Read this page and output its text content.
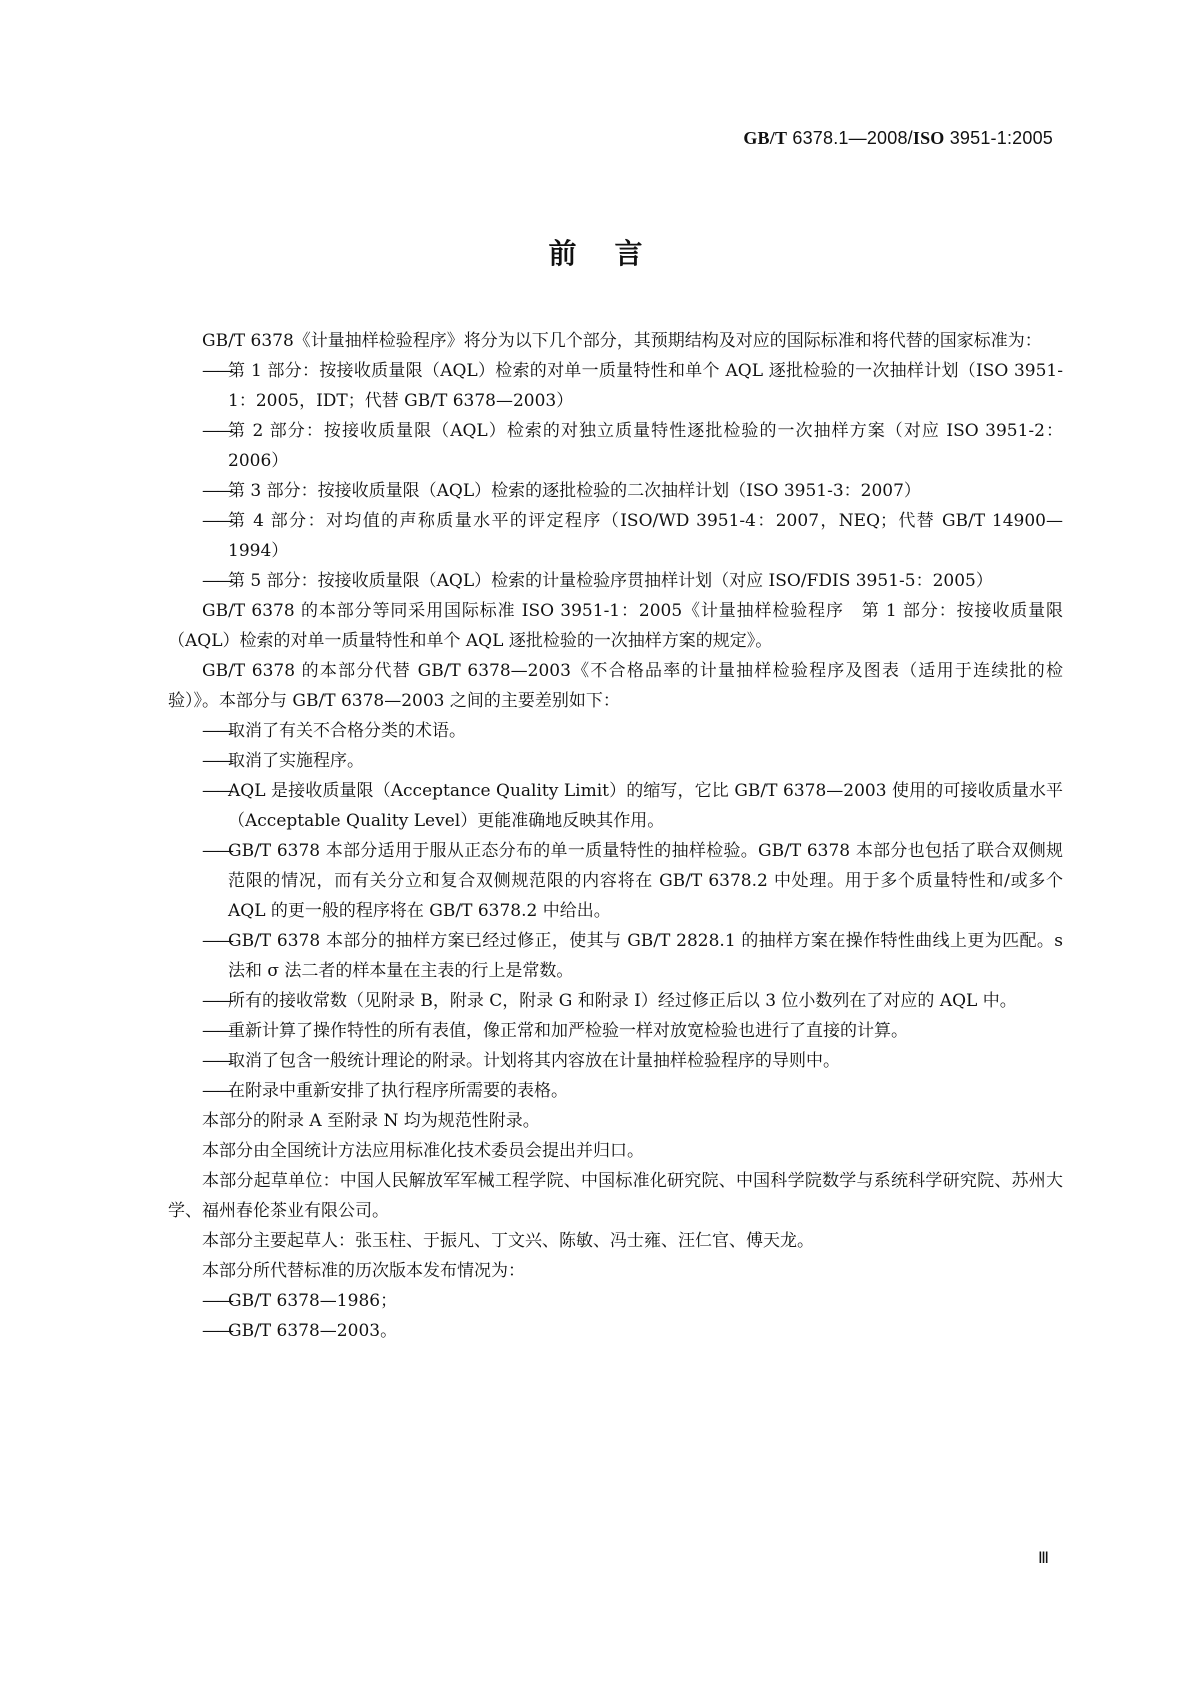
GB/T 6378.1—2008/ISO 3951-1:2005
前言

GB/T 6378《计量抽样检验程序》将分为以下几个部分，其预期结构及对应的国际标准和将代替的国家标准为：

——
第 1 部分：按接收质量限（AQL）检索的对单一质量特性和单个 AQL 逐批检验的一次抽样计划（ISO 3951-1：2005，IDT；代替 GB/T 6378—2003）

——
第 2 部分：按接收质量限（AQL）检索的对独立质量特性逐批检验的一次抽样方案（对应 ISO 3951-2：2006）

——
第 3 部分：按接收质量限（AQL）检索的逐批检验的二次抽样计划（ISO 3951-3：2007）

——
第 4 部分：对均值的声称质量水平的评定程序（ISO/WD 3951-4：2007，NEQ；代替 GB/T 14900—1994）

——
第 5 部分：按接收质量限（AQL）检索的计量检验序贯抽样计划（对应 ISO/FDIS 3951-5：2005）

GB/T 6378 的本部分等同采用国际标准 ISO 3951-1：2005《计量抽样检验程序　第 1 部分：按接收质量限（AQL）检索的对单一质量特性和单个 AQL 逐批检验的一次抽样方案的规定》。

GB/T 6378 的本部分代替 GB/T 6378—2003《不合格品率的计量抽样检验程序及图表（适用于连续批的检验）》。本部分与 GB/T 6378—2003 之间的主要差别如下：

——
取消了有关不合格分类的术语。

——
取消了实施程序。

——
AQL 是接收质量限（Acceptance Quality Limit）的缩写，它比 GB/T 6378—2003 使用的可接收质量水平（Acceptable Quality Level）更能准确地反映其作用。

——
GB/T 6378 本部分适用于服从正态分布的单一质量特性的抽样检验。GB/T 6378 本部分也包括了联合双侧规范限的情况，而有关分立和复合双侧规范限的内容将在 GB/T 6378.2 中处理。用于多个质量特性和/或多个 AQL 的更一般的程序将在 GB/T 6378.2 中给出。

——
GB/T 6378 本部分的抽样方案已经过修正，使其与 GB/T 2828.1 的抽样方案在操作特性曲线上更为匹配。s 法和 σ 法二者的样本量在主表的行上是常数。

——
所有的接收常数（见附录 B，附录 C，附录 G 和附录 I）经过修正后以 3 位小数列在了对应的 AQL 中。

——
重新计算了操作特性的所有表值，像正常和加严检验一样对放宽检验也进行了直接的计算。

——
取消了包含一般统计理论的附录。计划将其内容放在计量抽样检验程序的导则中。

——
在附录中重新安排了执行程序所需要的表格。

本部分的附录 A 至附录 N 均为规范性附录。

本部分由全国统计方法应用标准化技术委员会提出并归口。

本部分起草单位：中国人民解放军军械工程学院、中国标准化研究院、中国科学院数学与系统科学研究院、苏州大学、福州春伦茶业有限公司。

本部分主要起草人：张玉柱、于振凡、丁文兴、陈敏、冯士雍、汪仁官、傅天龙。

本部分所代替标准的历次版本发布情况为：

——
GB/T 6378—1986；

——
GB/T 6378—2003。

Ⅲ
